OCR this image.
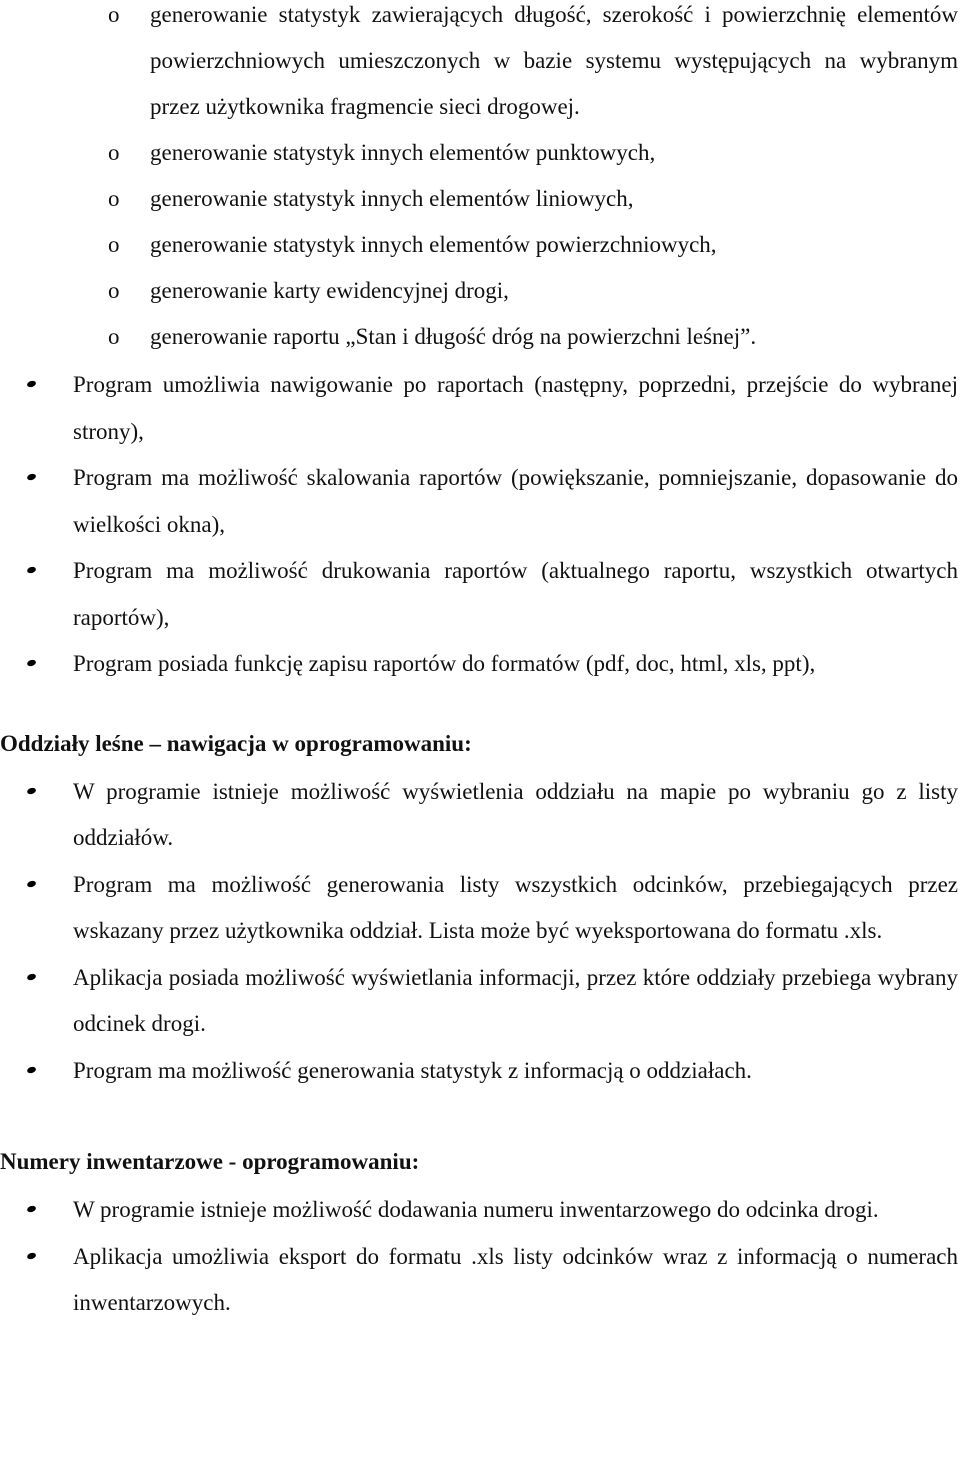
o generowanie statystyk zawierających długość, szerokość i powierzchnię elementów powierzchniowych umieszczonych w bazie systemu występujących na wybranym przez użytkownika fragmencie sieci drogowej.
o generowanie statystyk innych elementów punktowych,
o generowanie statystyk innych elementów liniowych,
o generowanie statystyk innych elementów powierzchniowych,
o generowanie karty ewidencyjnej drogi,
o generowanie raportu „Stan i długość dróg na powierzchni leśnej”.
Program umożliwia nawigowanie po raportach (następny, poprzedni, przejście do wybranej strony),
Program ma możliwość skalowania raportów (powiększanie, pomniejszanie, dopasowanie do wielkości okna),
Program ma możliwość drukowania raportów (aktualnego raportu, wszystkich otwartych raportów),
Program posiada funkcję zapisu raportów do formatów (pdf, doc, html, xls, ppt),
Oddziały leśne – nawigacja w oprogramowaniu:
W programie istnieje możliwość wyświetlenia oddziału na mapie po wybraniu go z listy oddziałów.
Program ma możliwość generowania listy wszystkich odcinków, przebiegających przez wskazany przez użytkownika oddział. Lista może być wyeksportowana do formatu .xls.
Aplikacja posiada możliwość wyświetlania informacji, przez które oddziały przebiega wybrany odcinek drogi.
Program ma możliwość generowania statystyk z informacją o oddziałach.
Numery inwentarzowe - oprogramowaniu:
W programie istnieje możliwość dodawania numeru inwentarzowego do odcinka drogi.
Aplikacja umożliwia eksport do formatu .xls listy odcinków wraz z informacją o numerach inwentarzowych.
